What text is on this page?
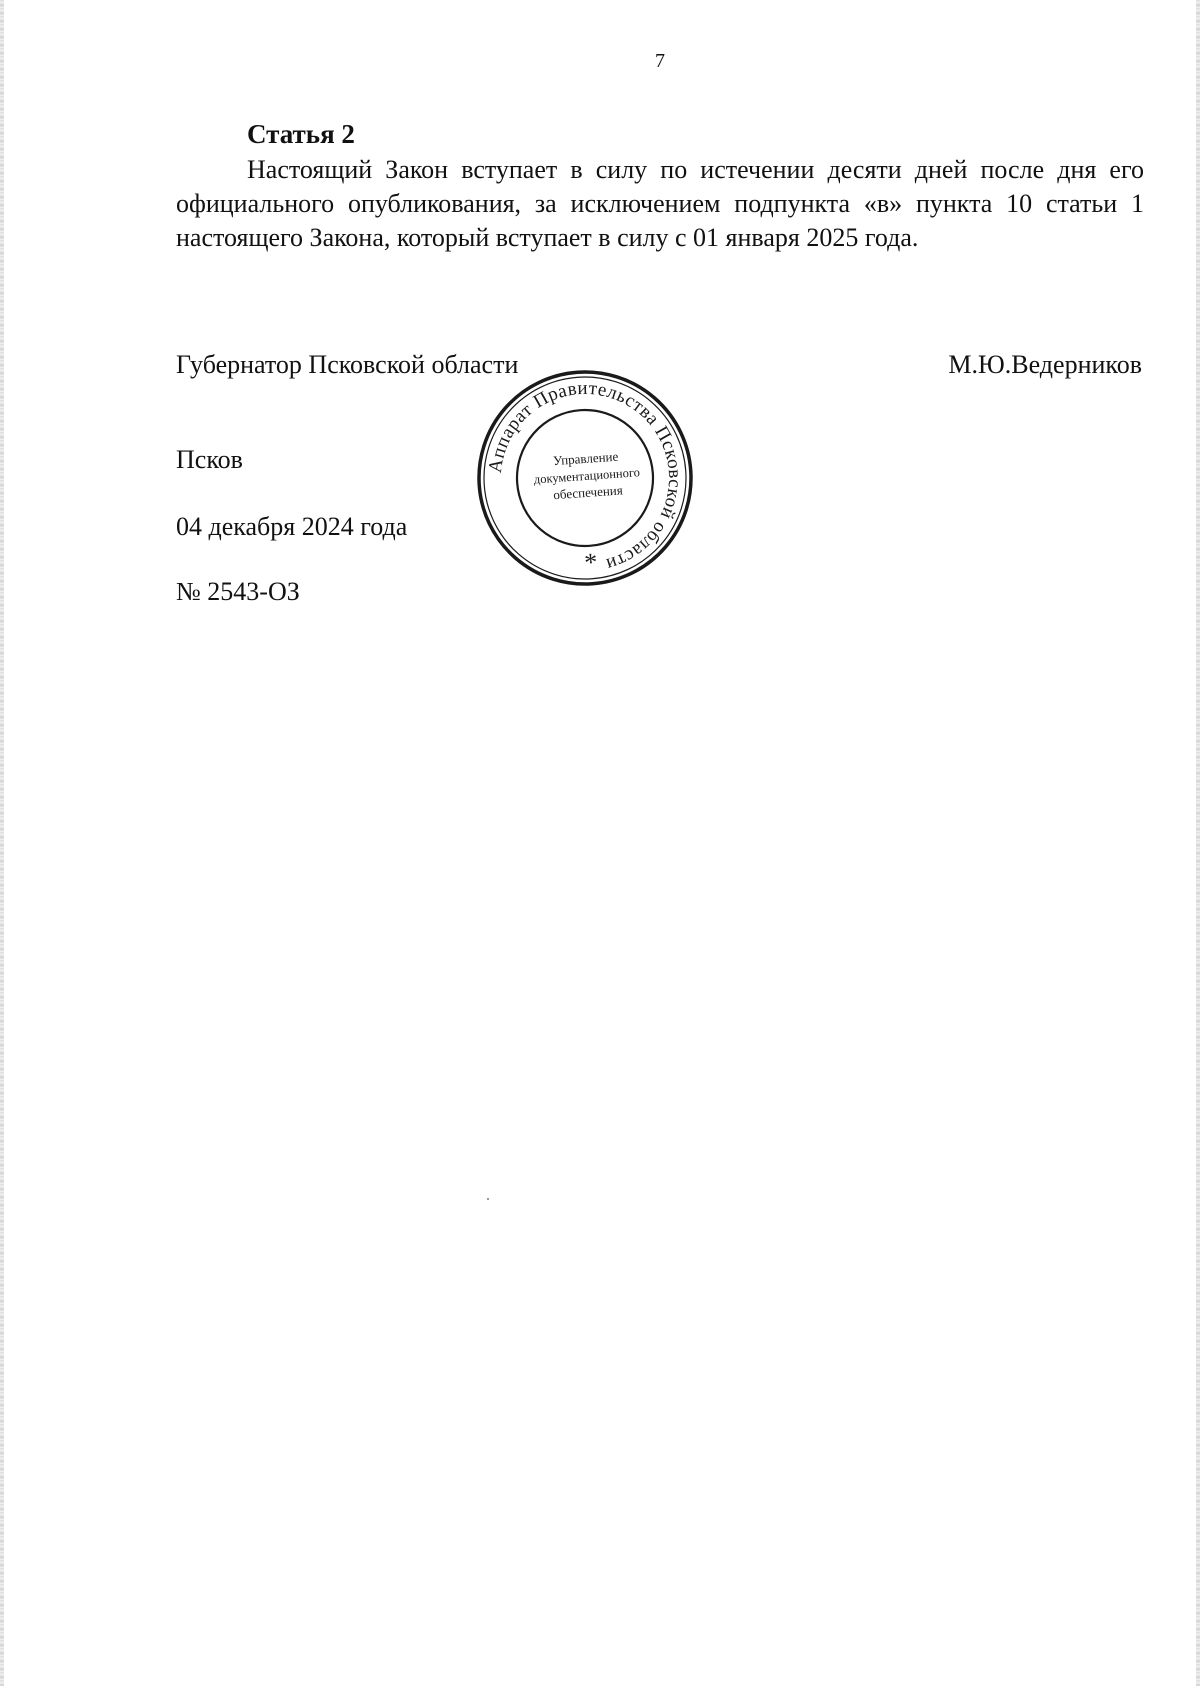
7
Статья 2

Настоящий Закон вступает в силу по истечении десяти дней после дня его официального опубликования, за исключением подпункта «в» пункта 10 статьи 1 настоящего Закона, который вступает в силу с 01 января 2025 года.

Губернатор Псковской области	М.Ю.Ведерников
Псков
04 декабря 2024 года
№ 2543-ОЗ
Аппарат Правительства Псковской области
*
Управление
документационного
обеспечения
